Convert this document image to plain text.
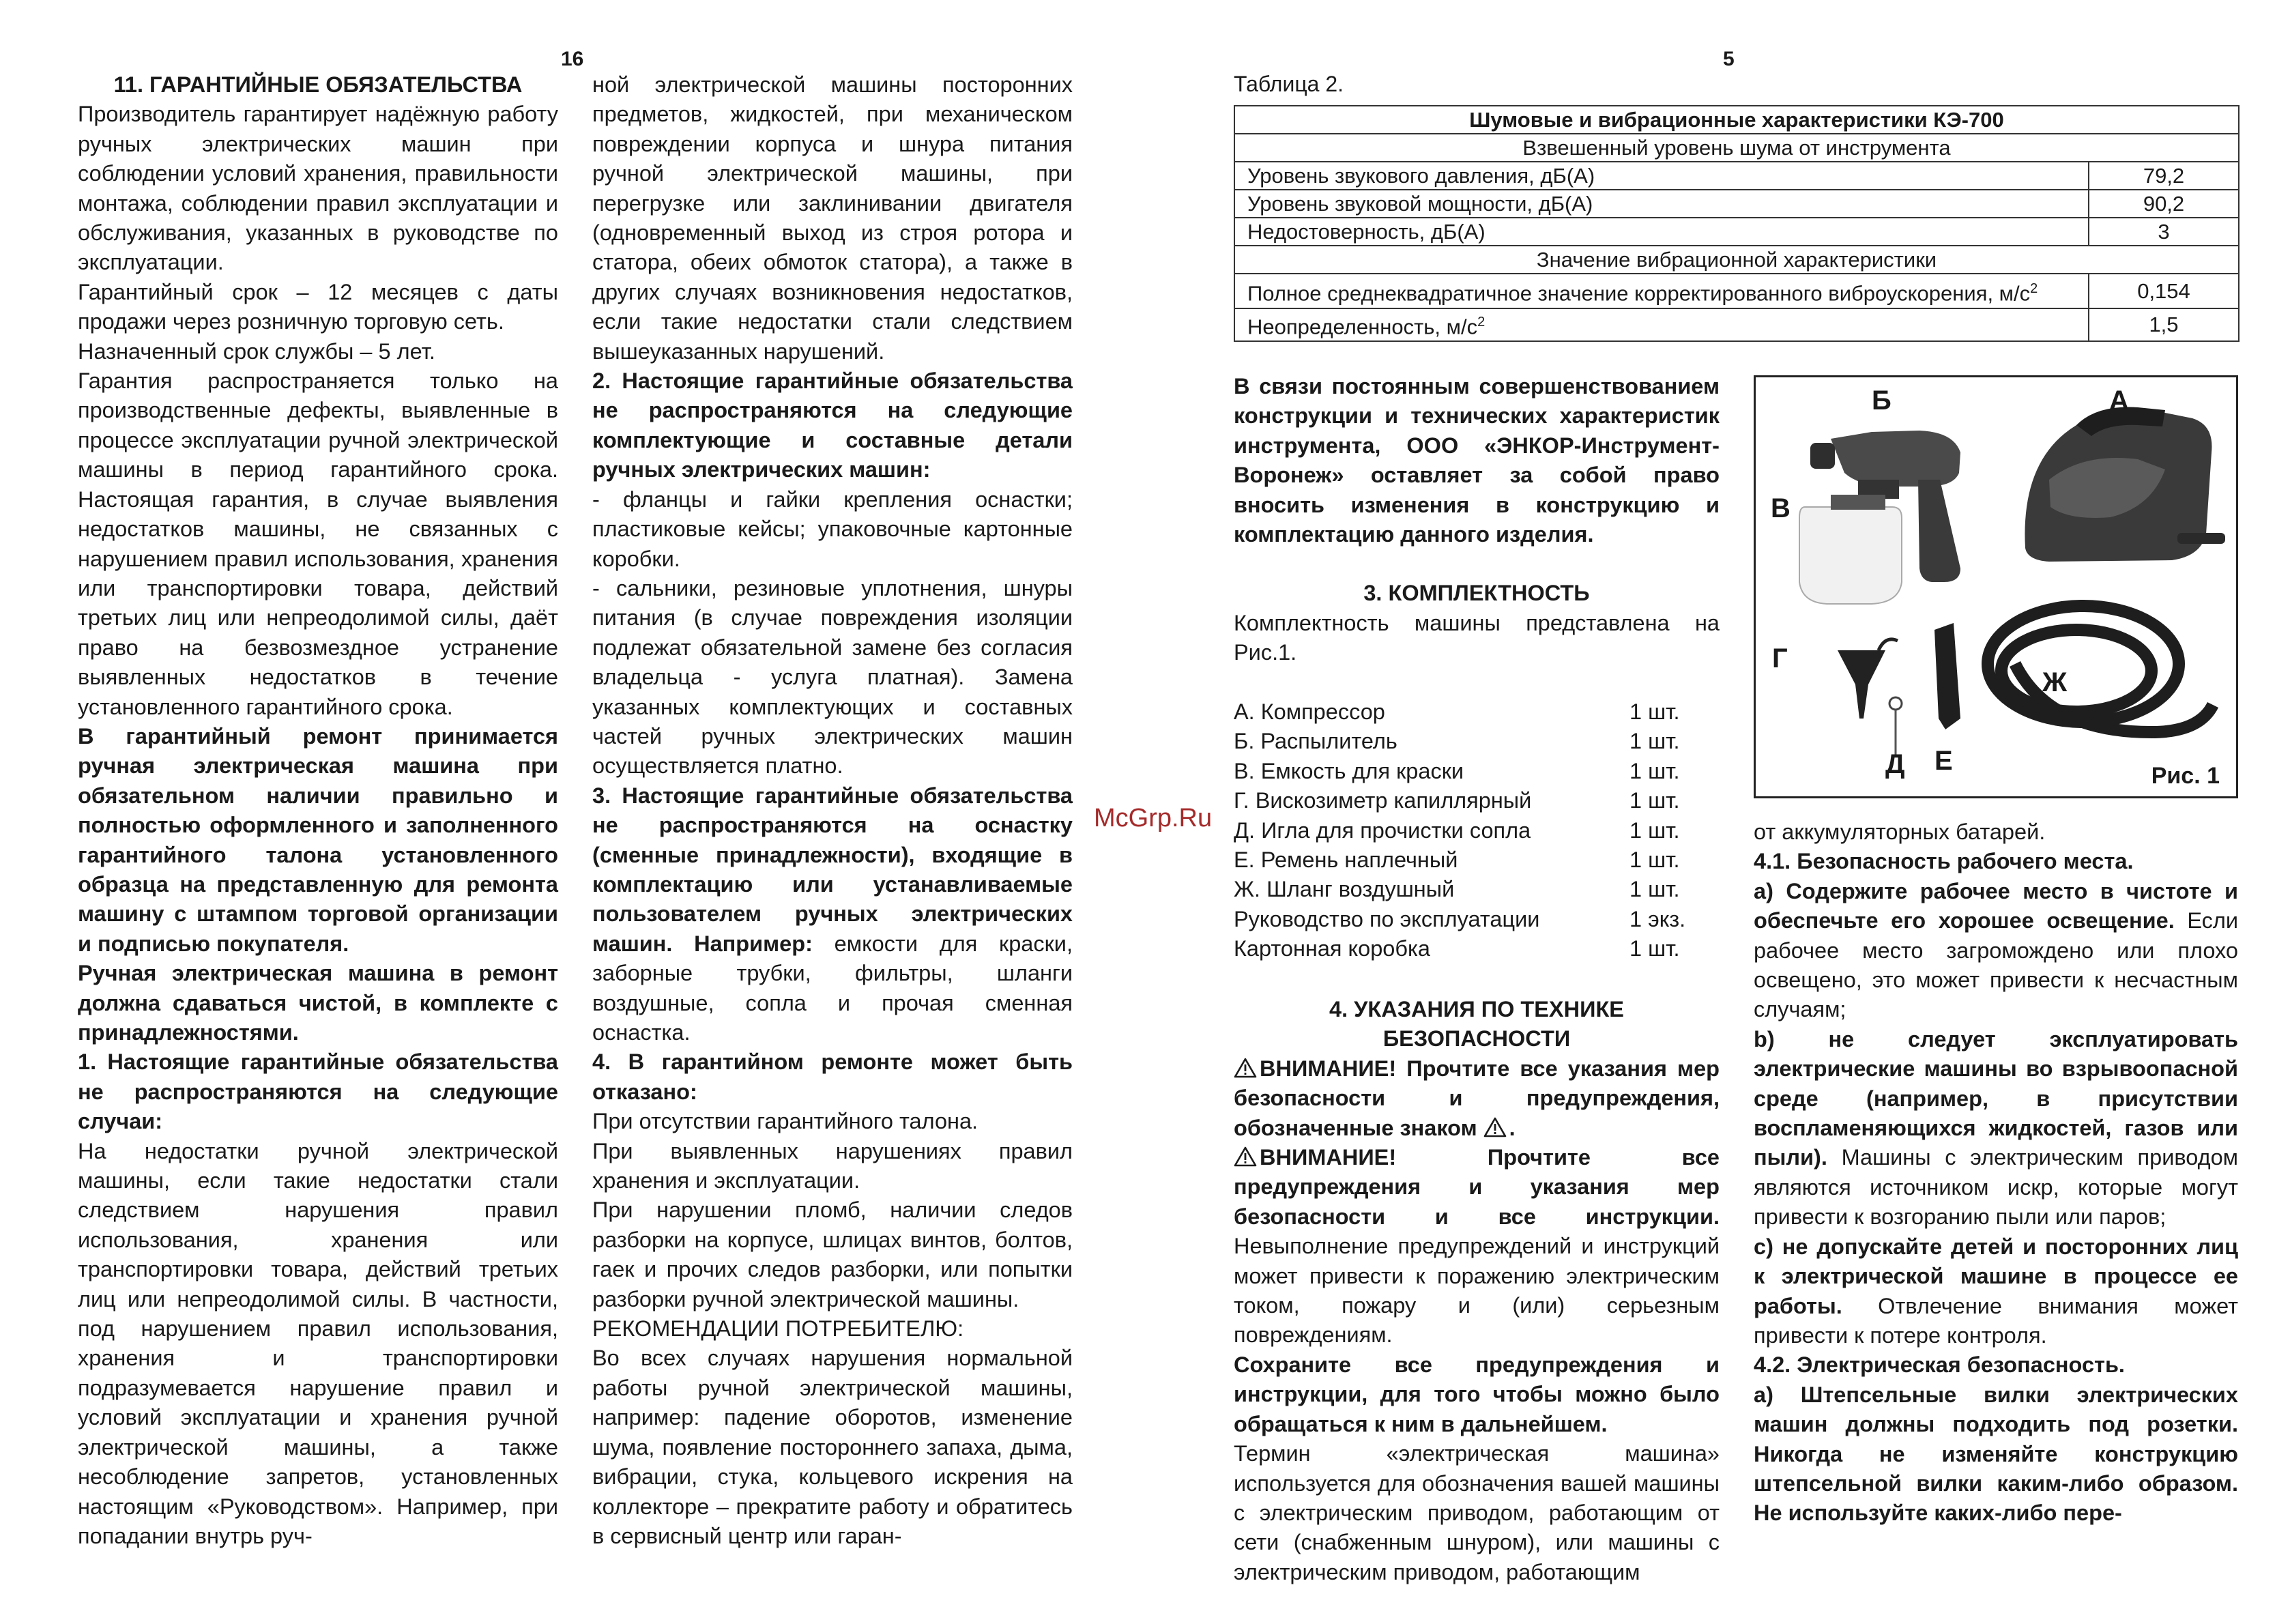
16	5

11. ГАРАНТИЙНЫЕ ОБЯЗАТЕЛЬСТВА

Производитель гарантирует надёжную работу ручных электрических машин при соблюдении условий хранения, правильности монтажа, соблюдении правил эксплуатации и обслуживания, указанных в руководстве по эксплуатации.

Гарантийный срок – 12 месяцев с даты продажи через розничную торговую сеть.

Назначенный срок службы – 5 лет.

Гарантия распространяется только на производственные дефекты, выявленные в процессе эксплуатации ручной электрической машины в период гарантийного срока. Настоящая гарантия, в случае выявления недостатков машины, не связанных с нарушением правил использования, хранения или транспортировки товара, действий третьих лиц или непреодолимой силы, даёт право на безвозмездное устранение выявленных недостатков в течение установленного гарантийного срока.

В гарантийный ремонт принимается ручная электрическая машина при обязательном наличии правильно и полностью оформленного и заполненного гарантийного талона установленного образца на представленную для ремонта машину с штампом торговой организации и подписью покупателя.

Ручная электрическая машина в ремонт должна сдаваться чистой, в комплекте с принадлежностями.

1. Настоящие гарантийные обязательства не распространяются на следующие случаи:

На недостатки ручной электрической машины, если такие недостатки стали следствием нарушения правил использования, хранения или транспортировки товара, действий третьих лиц или непреодолимой силы. В частности, под нарушением правил использования, хранения и транспортировки подразумевается нарушение правил и условий эксплуатации и хранения ручной электрической машины, а также несоблюдение запретов, установленных настоящим «Руководством». Например, при попадании внутрь руч-

ной электрической машины посторонних предметов, жидкостей, при механическом повреждении корпуса и шнура питания ручной электрической машины, при перегрузке или заклинивании двигателя (одновременный выход из строя ротора и статора, обеих обмоток статора), а также в других случаях возникновения недостатков, если такие недостатки стали следствием вышеуказанных нарушений.

2. Настоящие гарантийные обязательства не распространяются на следующие комплектующие и составные детали ручных электрических машин:

- фланцы и гайки крепления оснастки; пластиковые кейсы; упаковочные картонные коробки.

- сальники, резиновые уплотнения, шнуры питания (в случае повреждения изоляции подлежат обязательной замене без согласия владельца - услуга платная). Замена указанных комплектующих и составных частей ручных электрических машин осуществляется платно.

3. Настоящие гарантийные обязательства не распространяются на оснастку (сменные принадлежности), входящие в комплектацию или устанавливаемые пользователем ручных электрических машин. Например: емкости для краски, заборные трубки, фильтры, шланги воздушные, сопла и прочая сменная оснастка.

4. В гарантийном ремонте может быть отказано:

При отсутствии гарантийного талона.

При выявленных нарушениях правил хранения и эксплуатации.

При нарушении пломб, наличии следов разборки на корпусе, шлицах винтов, болтов, гаек и прочих следов разборки, или попытки разборки ручной электрической машины.

РЕКОМЕНДАЦИИ ПОТРЕБИТЕЛЮ:

Во всех случаях нарушения нормальной работы ручной электрической машины, например: падение оборотов, изменение шума, появление постороннего запаха, дыма, вибрации, стука, кольцевого искрения на коллекторе – прекратите работу и обратитесь в сервисный центр или гаран-

McGrp.Ru
Таблица 2.
Шумовые и вибрационные характеристики КЭ-700	
Взвешенный уровень шума от инструмента	
Уровень звукового давления, дБ(А)	79,2
Уровень звуковой мощности, дБ(А)	90,2
Недостоверность, дБ(А)	3
Значение вибрационной характеристики	
Полное среднеквадратичное значение корректированного виброускорения, $м/с^2$	0,154
Неопределенность, $м/с^2$	1,5

В связи постоянным совершенствованием конструкции и технических характеристик инструмента, ООО «ЭНКОР-Инструмент-Воронеж» оставляет за собой право вносить изменения в конструкцию и комплектацию данного изделия.

3. КОМПЛЕКТНОСТЬ

Комплектность машины представлена на Рис.1.

А. Компрессор	1 шт.
Б. Распылитель	1 шт.
В. Емкость для краски	1 шт.
Г. Вискозиметр капиллярный	1 шт.
Д. Игла для прочистки сопла	1 шт.
Е. Ремень наплечный	1 шт.
Ж. Шланг воздушный	1 шт.
Руководство по эксплуатации	1 экз.
Картонная коробка	1 шт.

4. УКАЗАНИЯ ПО ТЕХНИКЕ

БЕЗОПАСНОСТИ

ВНИМАНИЕ! Прочтите все указания мер безопасности и предупреждения, обозначенные знаком .

ВНИМАНИЕ! Прочтите все предупреждения и указания мер безопасности и все инструкции. Невыполнение предупреждений и инструкций может привести к поражению электрическим током, пожару и (или) серьезным повреждениям.

Сохраните все предупреждения и инструкции, для того чтобы можно было обращаться к ним в дальнейшем.

Термин «электрическая машина» используется для обозначения вашей машины с электрическим приводом, работающим от сети (снабженным шнуром), или машины с электрическим приводом, работающим

А
Б
В
Г
Д Е
Ж
Рис. 1

от аккумуляторных батарей.

4.1. Безопасность рабочего места.

а) Содержите рабочее место в чистоте и обеспечьте его хорошее освещение. Если рабочее место загромождено или плохо освещено, это может привести к несчастным случаям;

b) не следует эксплуатировать электрические машины во взрывоопасной среде (например, в присутствии воспламеняющихся жидкостей, газов или пыли). Машины с электрическим приводом являются источником искр, которые могут привести к возгоранию пыли или паров;

с) не допускайте детей и посторонних лиц к электрической машине в процессе ее работы. Отвлечение внимания может привести к потере контроля.

4.2. Электрическая безопасность.

а) Штепсельные вилки электрических машин должны подходить под розетки. Никогда не изменяйте конструкцию штепсельной вилки каким-либо образом. Не используйте каких-либо пере-
